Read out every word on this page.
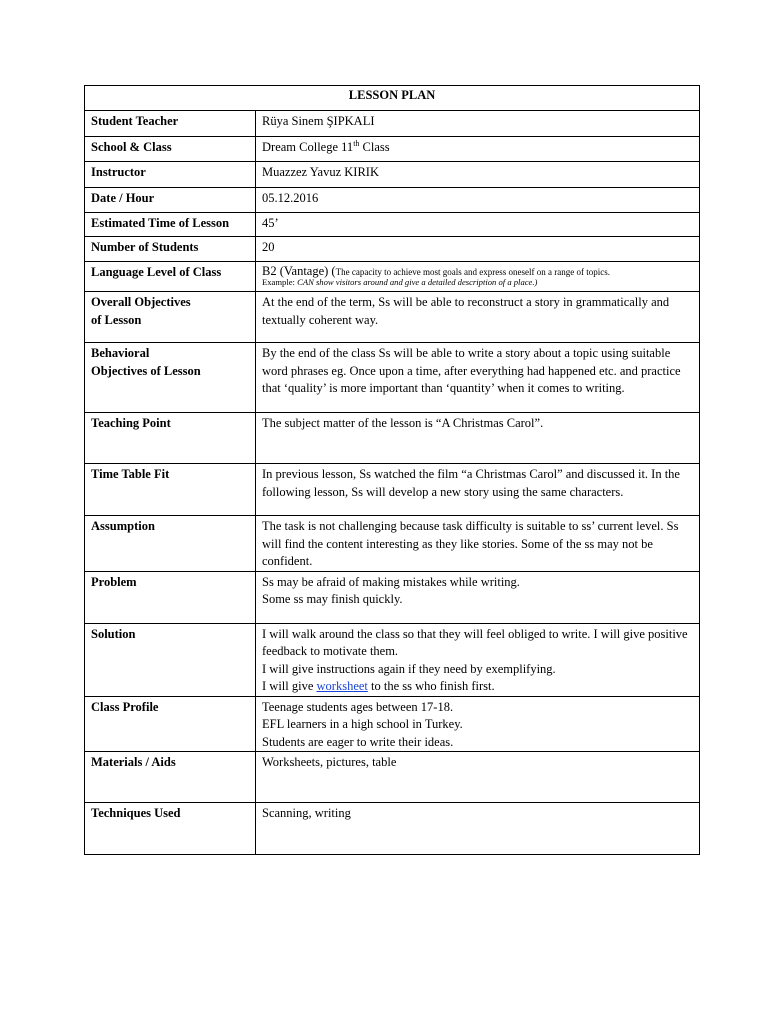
LESSON PLAN	
Student Teacher	Rüya Sinem ŞIPKALI
School & Class	Dream College 11th Class
Instructor	Muazzez Yavuz KIRIK
Date / Hour	05.12.2016
Estimated Time of Lesson	45’
Number of Students	20
Language Level of Class	B2 (Vantage) (The capacity to achieve most goals and express oneself on a range of topics.
Example: CAN show visitors around and give a detailed description of a place.)

Overall Objectives
of Lesson	At the end of the term, Ss will be able to reconstruct a story in grammatically and textually coherent way.

Behavioral
Objectives of Lesson	By the end of the class Ss will be able to write a story about a topic using suitable word phrases eg. Once upon a time, after everything had happened etc. and practice that ‘quality’ is more important than ‘quantity’ when it comes to writing.
Teaching Point	The subject matter of the lesson is “A Christmas Carol”.
Time Table Fit	In previous lesson, Ss watched the film “a Christmas Carol” and discussed it. In the following lesson, Ss will develop a new story using the same characters.
Assumption	The task is not challenging because task difficulty is suitable to ss’ current level. Ss will find the content interesting as they like stories. Some of the ss may not be confident.
Problem	Ss may be afraid of making mistakes while writing.
Some ss may finish quickly.

Solution	I will walk around the class so that they will feel obliged to write. I will give positive feedback to motivate them.
I will give instructions again if they need by exemplifying.
I will give worksheet to the ss who finish first.

Class Profile	Teenage students ages between 17-18.
EFL learners in a high school in Turkey.
Students are eager to write their ideas.

Materials / Aids	Worksheets, pictures, table
Techniques Used	Scanning, writing
